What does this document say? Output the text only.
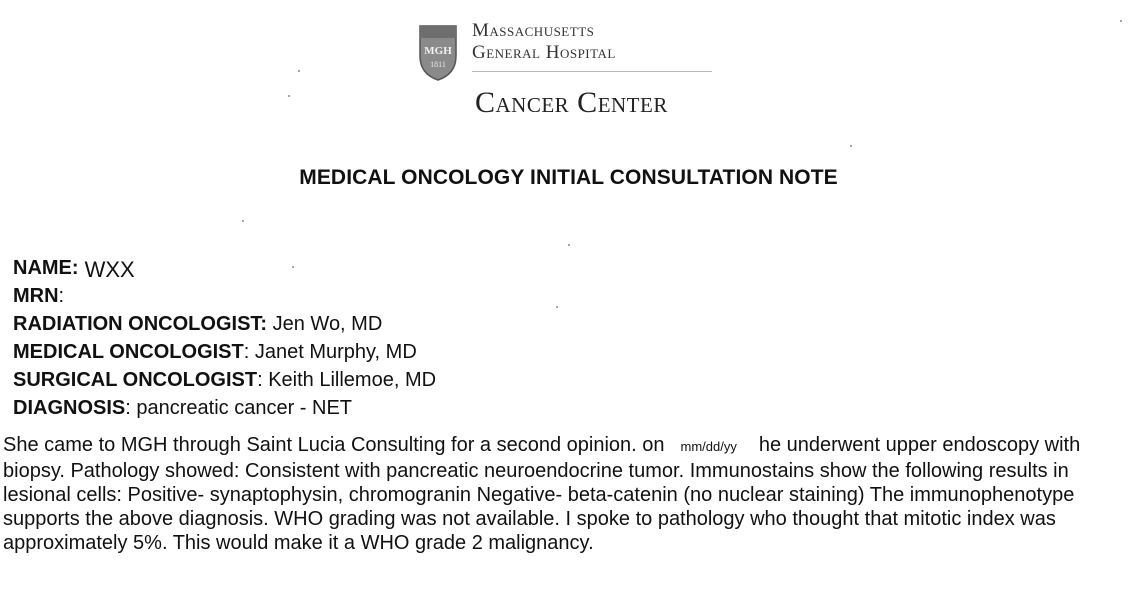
MGH
1811
Massachusetts
General Hospital
Cancer Center
MEDICAL ONCOLOGY INITIAL CONSULTATION NOTE
NAME: WXX
MRN:
RADIATION ONCOLOGIST: Jen Wo, MD
MEDICAL ONCOLOGIST: Janet Murphy, MD
SURGICAL ONCOLOGIST: Keith Lillemoe, MD
DIAGNOSIS: pancreatic cancer - NET
She came to MGH through Saint Lucia Consulting for a second opinion. on mm/dd/yy he underwent upper endoscopy with biopsy. Pathology showed: Consistent with pancreatic neuroendocrine tumor. Immunostains show the following results in lesional cells: Positive- synaptophysin, chromogranin Negative- beta-catenin (no nuclear staining) The immunophenotype supports the above diagnosis. WHO grading was not available. I spoke to pathology who thought that mitotic index was approximately 5%. This would make it a WHO grade 2 malignancy.
